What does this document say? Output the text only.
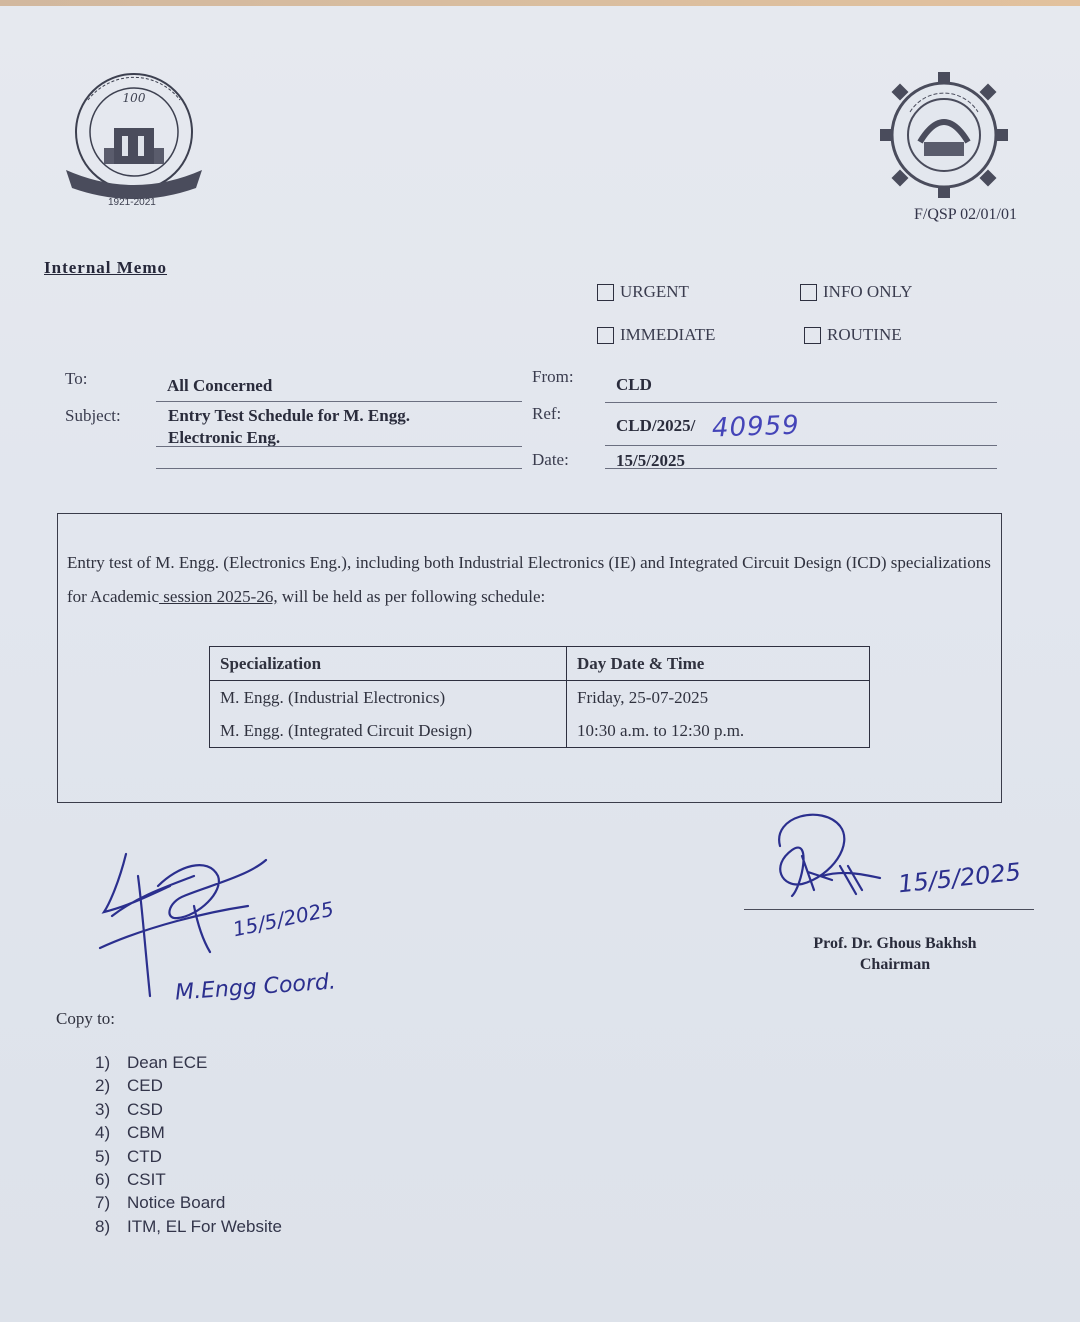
100
1921-2021
F/QSP 02/01/01
Internal Memo
URGENT	INFO ONLY
IMMEDIATE	ROUTINE
To:	All Concerned
Subject:	Entry Test Schedule for M. Engg.
Electronic Eng.
From: CLD
Ref:
CLD/2025/ 40959
Date:	15/5/2025
Entry test of M. Engg. (Electronics Eng.), including both Industrial Electronics (IE) and Integrated Circuit Design (ICD) specializations for Academic session 2025-26, will be held as per following schedule:
Specialization	Day Date & Time
M. Engg. (Industrial Electronics)	Friday, 25-07-2025
M. Engg. (Integrated Circuit Design)	10:30 a.m. to 12:30 p.m.
15/5/2025
Prof. Dr. Ghous Bakhsh
Chairman
15/5/2025
M.Engg Coord.
Copy to:
1) Dean ECE
2) CED
3) CSD
4) CBM
5) CTD
6) CSIT
7) Notice Board
8) ITM, EL For Website
